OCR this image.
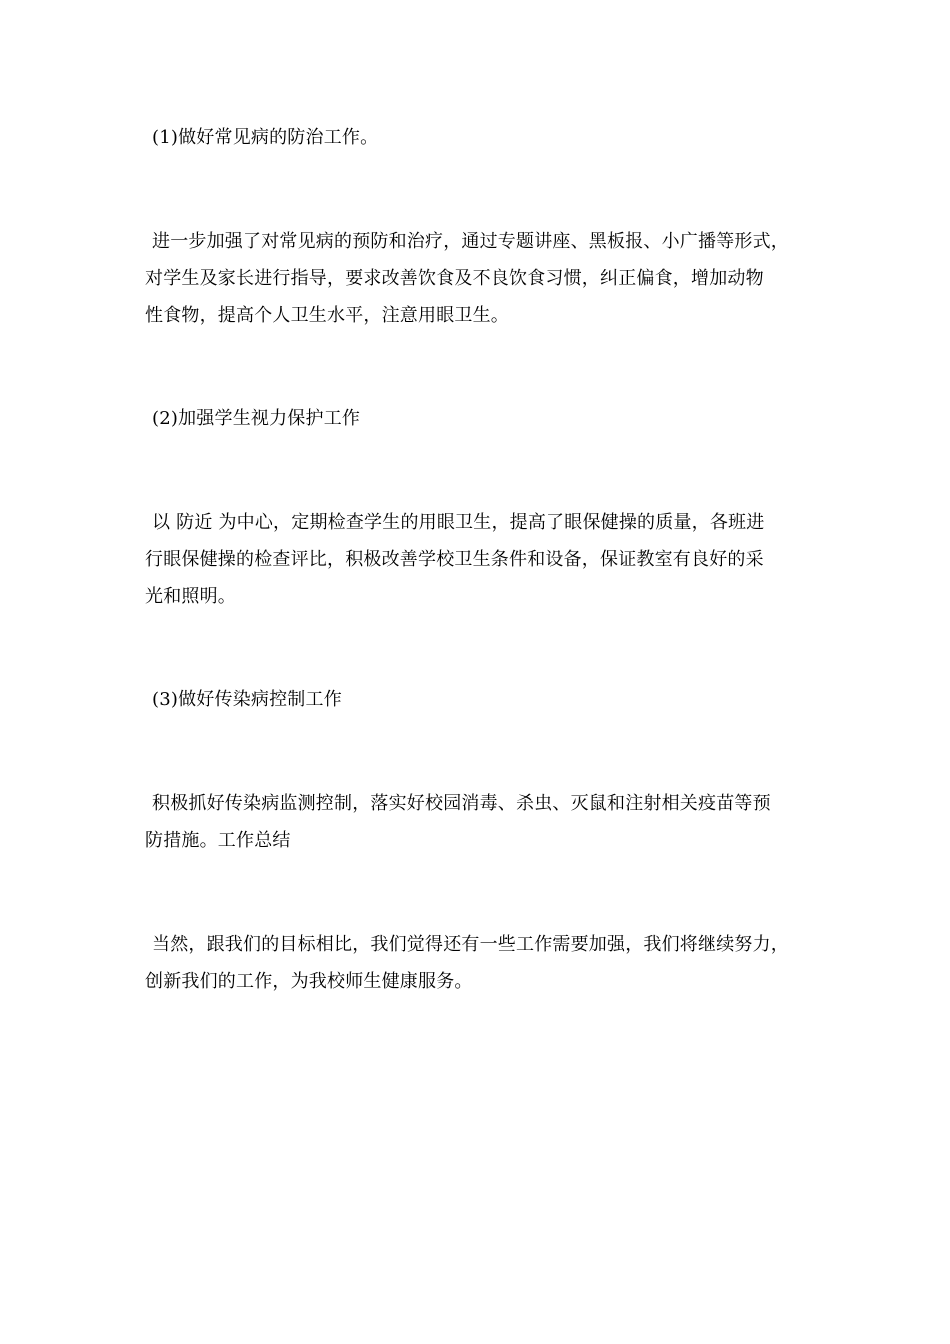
(1)做好常见病的防治工作。
进一步加强了对常见病的预防和治疗，通过专题讲座、黑板报、小广播等形式，
对学生及家长进行指导，要求改善饮食及不良饮食习惯，纠正偏食，增加动物
性食物，提高个人卫生水平，注意用眼卫生。
(2)加强学生视力保护工作
以 防近 为中心，定期检查学生的用眼卫生，提高了眼保健操的质量，各班进
行眼保健操的检查评比，积极改善学校卫生条件和设备，保证教室有良好的采
光和照明。
(3)做好传染病控制工作
积极抓好传染病监测控制，落实好校园消毒、杀虫、灭鼠和注射相关疫苗等预
防措施。工作总结
当然，跟我们的目标相比，我们觉得还有一些工作需要加强，我们将继续努力，
创新我们的工作，为我校师生健康服务。
